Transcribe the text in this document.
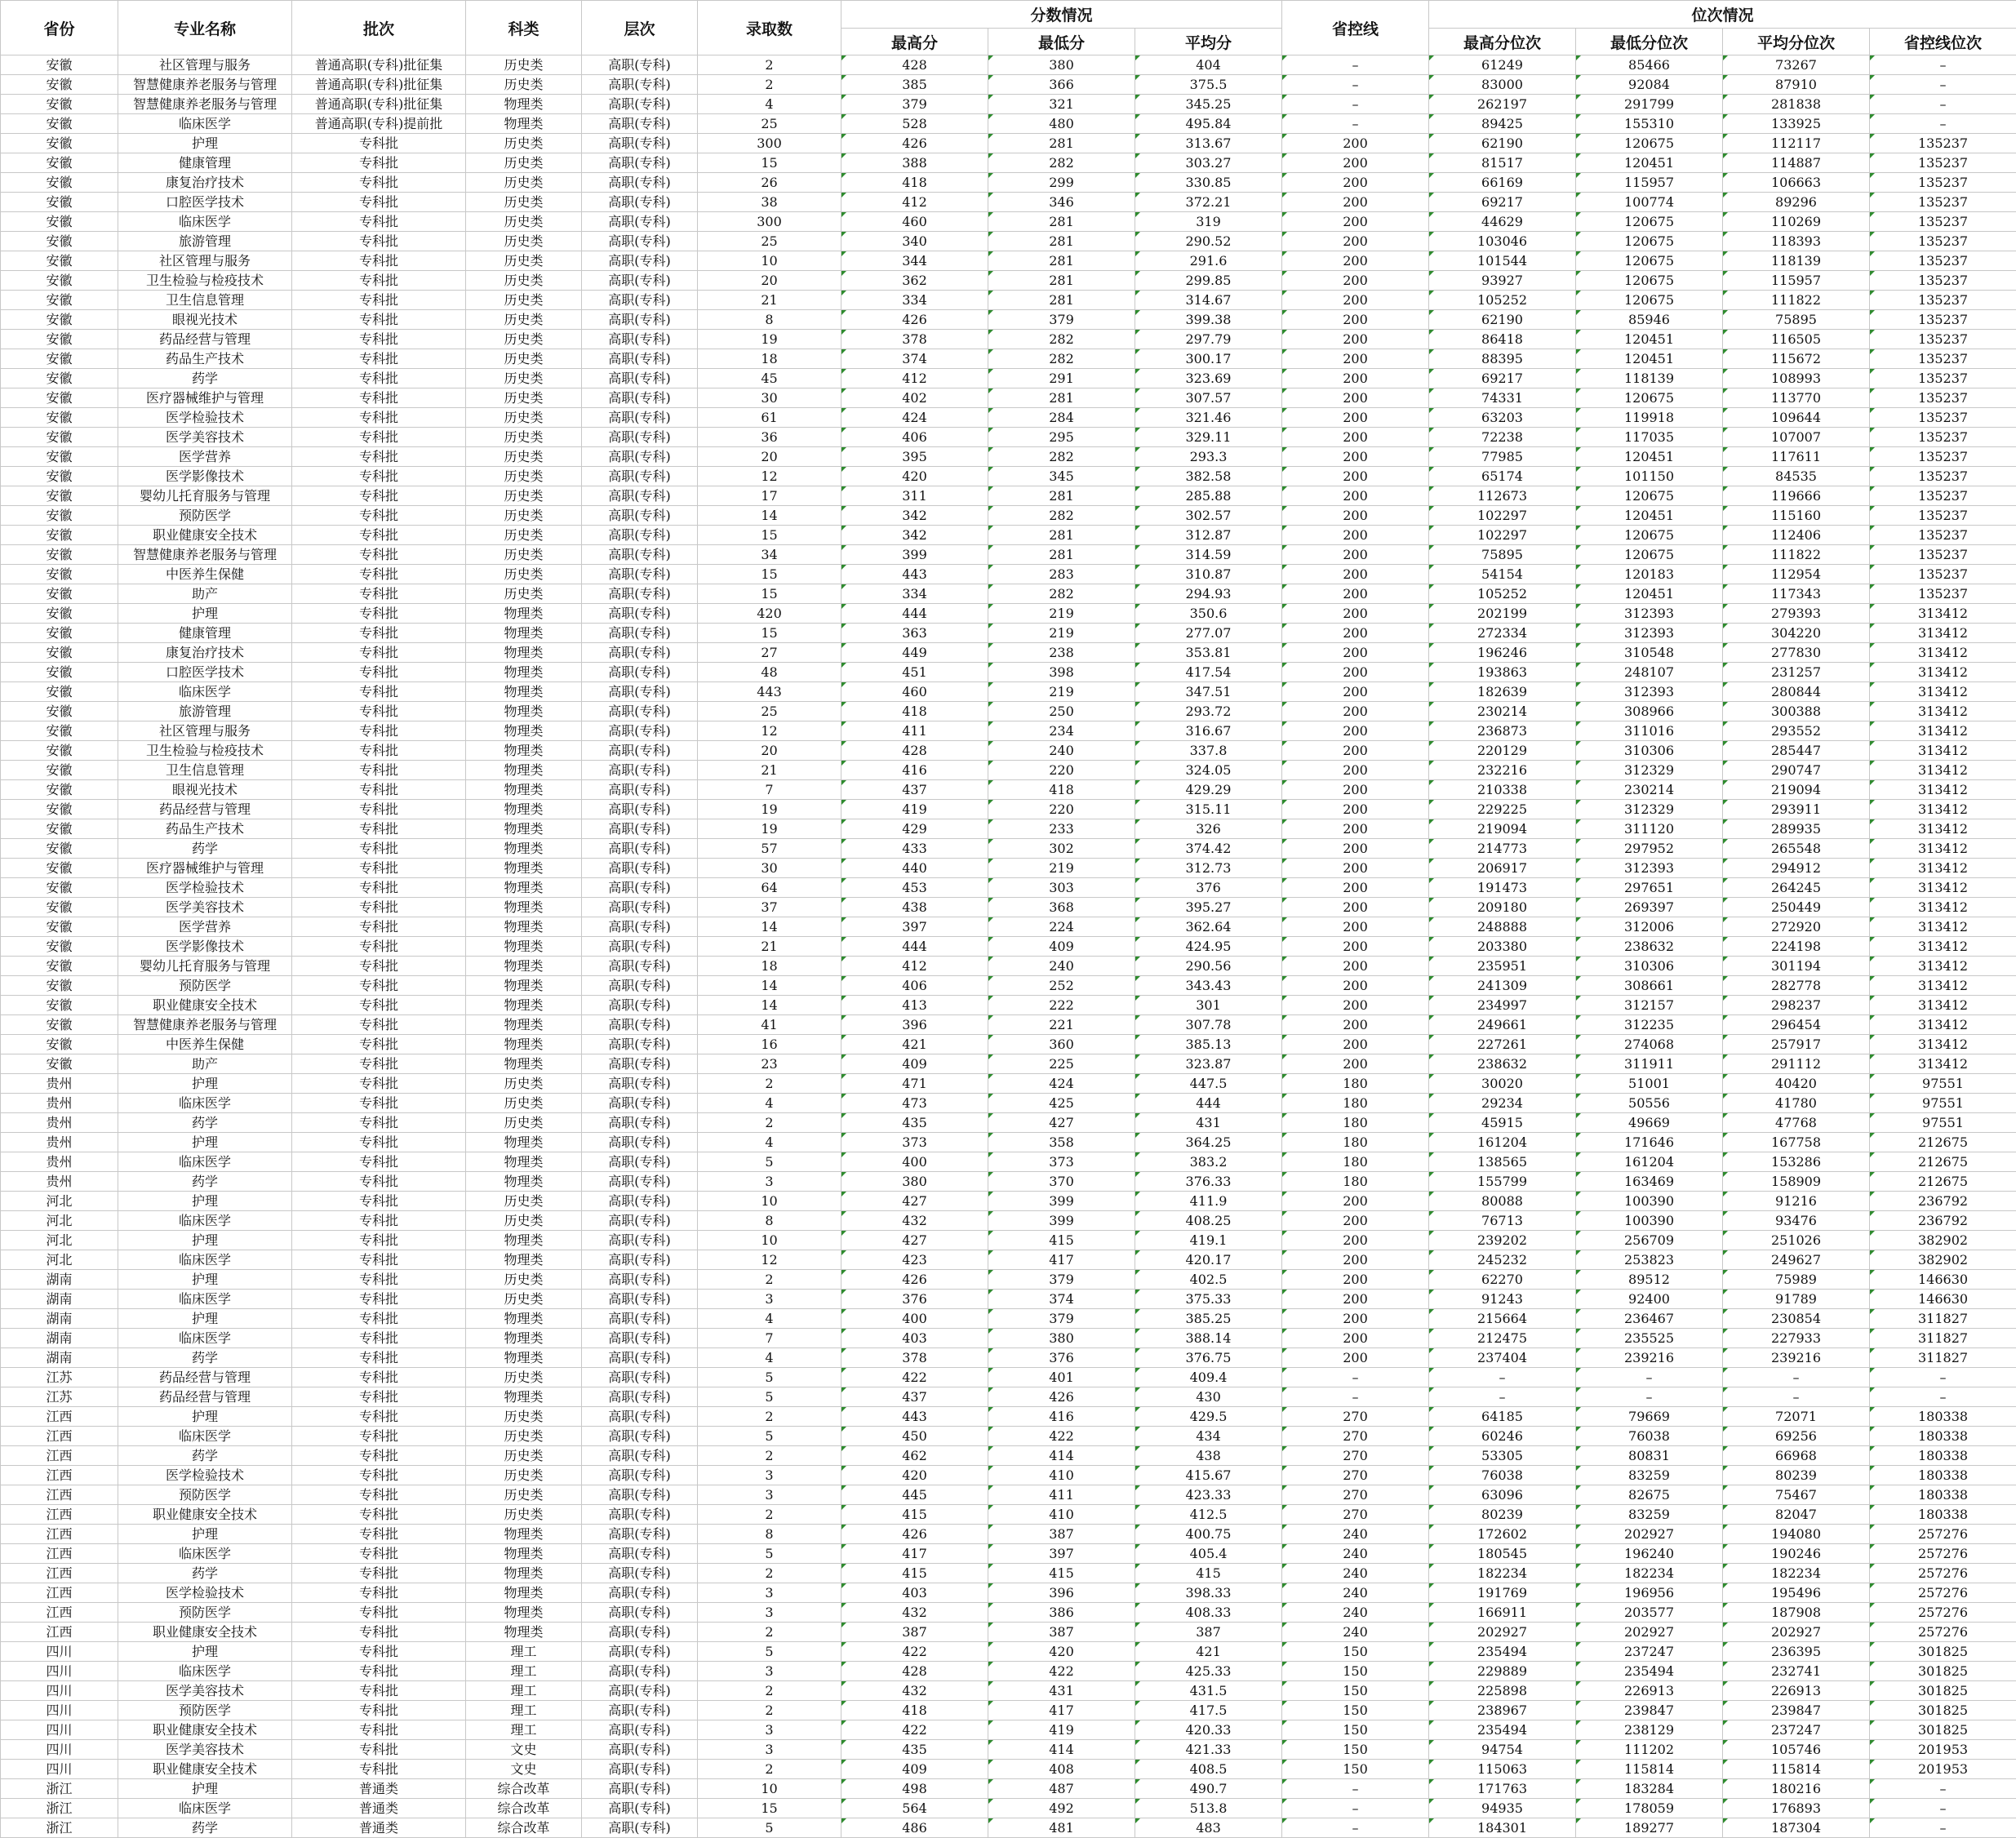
省份	专业名称	批次	科类	层次	录取数	分数情况			省控线	位次情况			
						最高分	最低分	平均分		最高分位次	最低分位次	平均分位次	省控线位次
安徽	社区管理与服务	普通高职(专科)批征集	历史类	高职(专科)	2	428	380	404	–	61249	85466	73267	–
安徽	智慧健康养老服务与管理	普通高职(专科)批征集	历史类	高职(专科)	2	385	366	375.5	–	83000	92084	87910	–
安徽	智慧健康养老服务与管理	普通高职(专科)批征集	物理类	高职(专科)	4	379	321	345.25	–	262197	291799	281838	–
安徽	临床医学	普通高职(专科)提前批	物理类	高职(专科)	25	528	480	495.84	–	89425	155310	133925	–
安徽	护理	专科批	历史类	高职(专科)	300	426	281	313.67	200	62190	120675	112117	135237
安徽	健康管理	专科批	历史类	高职(专科)	15	388	282	303.27	200	81517	120451	114887	135237
安徽	康复治疗技术	专科批	历史类	高职(专科)	26	418	299	330.85	200	66169	115957	106663	135237
安徽	口腔医学技术	专科批	历史类	高职(专科)	38	412	346	372.21	200	69217	100774	89296	135237
安徽	临床医学	专科批	历史类	高职(专科)	300	460	281	319	200	44629	120675	110269	135237
安徽	旅游管理	专科批	历史类	高职(专科)	25	340	281	290.52	200	103046	120675	118393	135237
安徽	社区管理与服务	专科批	历史类	高职(专科)	10	344	281	291.6	200	101544	120675	118139	135237
安徽	卫生检验与检疫技术	专科批	历史类	高职(专科)	20	362	281	299.85	200	93927	120675	115957	135237
安徽	卫生信息管理	专科批	历史类	高职(专科)	21	334	281	314.67	200	105252	120675	111822	135237
安徽	眼视光技术	专科批	历史类	高职(专科)	8	426	379	399.38	200	62190	85946	75895	135237
安徽	药品经营与管理	专科批	历史类	高职(专科)	19	378	282	297.79	200	86418	120451	116505	135237
安徽	药品生产技术	专科批	历史类	高职(专科)	18	374	282	300.17	200	88395	120451	115672	135237
安徽	药学	专科批	历史类	高职(专科)	45	412	291	323.69	200	69217	118139	108993	135237
安徽	医疗器械维护与管理	专科批	历史类	高职(专科)	30	402	281	307.57	200	74331	120675	113770	135237
安徽	医学检验技术	专科批	历史类	高职(专科)	61	424	284	321.46	200	63203	119918	109644	135237
安徽	医学美容技术	专科批	历史类	高职(专科)	36	406	295	329.11	200	72238	117035	107007	135237
安徽	医学营养	专科批	历史类	高职(专科)	20	395	282	293.3	200	77985	120451	117611	135237
安徽	医学影像技术	专科批	历史类	高职(专科)	12	420	345	382.58	200	65174	101150	84535	135237
安徽	婴幼儿托育服务与管理	专科批	历史类	高职(专科)	17	311	281	285.88	200	112673	120675	119666	135237
安徽	预防医学	专科批	历史类	高职(专科)	14	342	282	302.57	200	102297	120451	115160	135237
安徽	职业健康安全技术	专科批	历史类	高职(专科)	15	342	281	312.87	200	102297	120675	112406	135237
安徽	智慧健康养老服务与管理	专科批	历史类	高职(专科)	34	399	281	314.59	200	75895	120675	111822	135237
安徽	中医养生保健	专科批	历史类	高职(专科)	15	443	283	310.87	200	54154	120183	112954	135237
安徽	助产	专科批	历史类	高职(专科)	15	334	282	294.93	200	105252	120451	117343	135237
安徽	护理	专科批	物理类	高职(专科)	420	444	219	350.6	200	202199	312393	279393	313412
安徽	健康管理	专科批	物理类	高职(专科)	15	363	219	277.07	200	272334	312393	304220	313412
安徽	康复治疗技术	专科批	物理类	高职(专科)	27	449	238	353.81	200	196246	310548	277830	313412
安徽	口腔医学技术	专科批	物理类	高职(专科)	48	451	398	417.54	200	193863	248107	231257	313412
安徽	临床医学	专科批	物理类	高职(专科)	443	460	219	347.51	200	182639	312393	280844	313412
安徽	旅游管理	专科批	物理类	高职(专科)	25	418	250	293.72	200	230214	308966	300388	313412
安徽	社区管理与服务	专科批	物理类	高职(专科)	12	411	234	316.67	200	236873	311016	293552	313412
安徽	卫生检验与检疫技术	专科批	物理类	高职(专科)	20	428	240	337.8	200	220129	310306	285447	313412
安徽	卫生信息管理	专科批	物理类	高职(专科)	21	416	220	324.05	200	232216	312329	290747	313412
安徽	眼视光技术	专科批	物理类	高职(专科)	7	437	418	429.29	200	210338	230214	219094	313412
安徽	药品经营与管理	专科批	物理类	高职(专科)	19	419	220	315.11	200	229225	312329	293911	313412
安徽	药品生产技术	专科批	物理类	高职(专科)	19	429	233	326	200	219094	311120	289935	313412
安徽	药学	专科批	物理类	高职(专科)	57	433	302	374.42	200	214773	297952	265548	313412
安徽	医疗器械维护与管理	专科批	物理类	高职(专科)	30	440	219	312.73	200	206917	312393	294912	313412
安徽	医学检验技术	专科批	物理类	高职(专科)	64	453	303	376	200	191473	297651	264245	313412
安徽	医学美容技术	专科批	物理类	高职(专科)	37	438	368	395.27	200	209180	269397	250449	313412
安徽	医学营养	专科批	物理类	高职(专科)	14	397	224	362.64	200	248888	312006	272920	313412
安徽	医学影像技术	专科批	物理类	高职(专科)	21	444	409	424.95	200	203380	238632	224198	313412
安徽	婴幼儿托育服务与管理	专科批	物理类	高职(专科)	18	412	240	290.56	200	235951	310306	301194	313412
安徽	预防医学	专科批	物理类	高职(专科)	14	406	252	343.43	200	241309	308661	282778	313412
安徽	职业健康安全技术	专科批	物理类	高职(专科)	14	413	222	301	200	234997	312157	298237	313412
安徽	智慧健康养老服务与管理	专科批	物理类	高职(专科)	41	396	221	307.78	200	249661	312235	296454	313412
安徽	中医养生保健	专科批	物理类	高职(专科)	16	421	360	385.13	200	227261	274068	257917	313412
安徽	助产	专科批	物理类	高职(专科)	23	409	225	323.87	200	238632	311911	291112	313412
贵州	护理	专科批	历史类	高职(专科)	2	471	424	447.5	180	30020	51001	40420	97551
贵州	临床医学	专科批	历史类	高职(专科)	4	473	425	444	180	29234	50556	41780	97551
贵州	药学	专科批	历史类	高职(专科)	2	435	427	431	180	45915	49669	47768	97551
贵州	护理	专科批	物理类	高职(专科)	4	373	358	364.25	180	161204	171646	167758	212675
贵州	临床医学	专科批	物理类	高职(专科)	5	400	373	383.2	180	138565	161204	153286	212675
贵州	药学	专科批	物理类	高职(专科)	3	380	370	376.33	180	155799	163469	158909	212675
河北	护理	专科批	历史类	高职(专科)	10	427	399	411.9	200	80088	100390	91216	236792
河北	临床医学	专科批	历史类	高职(专科)	8	432	399	408.25	200	76713	100390	93476	236792
河北	护理	专科批	物理类	高职(专科)	10	427	415	419.1	200	239202	256709	251026	382902
河北	临床医学	专科批	物理类	高职(专科)	12	423	417	420.17	200	245232	253823	249627	382902
湖南	护理	专科批	历史类	高职(专科)	2	426	379	402.5	200	62270	89512	75989	146630
湖南	临床医学	专科批	历史类	高职(专科)	3	376	374	375.33	200	91243	92400	91789	146630
湖南	护理	专科批	物理类	高职(专科)	4	400	379	385.25	200	215664	236467	230854	311827
湖南	临床医学	专科批	物理类	高职(专科)	7	403	380	388.14	200	212475	235525	227933	311827
湖南	药学	专科批	物理类	高职(专科)	4	378	376	376.75	200	237404	239216	239216	311827
江苏	药品经营与管理	专科批	历史类	高职(专科)	5	422	401	409.4	–	–	–	–	–
江苏	药品经营与管理	专科批	物理类	高职(专科)	5	437	426	430	–	–	–	–	–
江西	护理	专科批	历史类	高职(专科)	2	443	416	429.5	270	64185	79669	72071	180338
江西	临床医学	专科批	历史类	高职(专科)	5	450	422	434	270	60246	76038	69256	180338
江西	药学	专科批	历史类	高职(专科)	2	462	414	438	270	53305	80831	66968	180338
江西	医学检验技术	专科批	历史类	高职(专科)	3	420	410	415.67	270	76038	83259	80239	180338
江西	预防医学	专科批	历史类	高职(专科)	3	445	411	423.33	270	63096	82675	75467	180338
江西	职业健康安全技术	专科批	历史类	高职(专科)	2	415	410	412.5	270	80239	83259	82047	180338
江西	护理	专科批	物理类	高职(专科)	8	426	387	400.75	240	172602	202927	194080	257276
江西	临床医学	专科批	物理类	高职(专科)	5	417	397	405.4	240	180545	196240	190246	257276
江西	药学	专科批	物理类	高职(专科)	2	415	415	415	240	182234	182234	182234	257276
江西	医学检验技术	专科批	物理类	高职(专科)	3	403	396	398.33	240	191769	196956	195496	257276
江西	预防医学	专科批	物理类	高职(专科)	3	432	386	408.33	240	166911	203577	187908	257276
江西	职业健康安全技术	专科批	物理类	高职(专科)	2	387	387	387	240	202927	202927	202927	257276
四川	护理	专科批	理工	高职(专科)	5	422	420	421	150	235494	237247	236395	301825
四川	临床医学	专科批	理工	高职(专科)	3	428	422	425.33	150	229889	235494	232741	301825
四川	医学美容技术	专科批	理工	高职(专科)	2	432	431	431.5	150	225898	226913	226913	301825
四川	预防医学	专科批	理工	高职(专科)	2	418	417	417.5	150	238967	239847	239847	301825
四川	职业健康安全技术	专科批	理工	高职(专科)	3	422	419	420.33	150	235494	238129	237247	301825
四川	医学美容技术	专科批	文史	高职(专科)	3	435	414	421.33	150	94754	111202	105746	201953
四川	职业健康安全技术	专科批	文史	高职(专科)	2	409	408	408.5	150	115063	115814	115814	201953
浙江	护理	普通类	综合改革	高职(专科)	10	498	487	490.7	–	171763	183284	180216	–
浙江	临床医学	普通类	综合改革	高职(专科)	15	564	492	513.8	–	94935	178059	176893	–
浙江	药学	普通类	综合改革	高职(专科)	5	486	481	483	–	184301	189277	187304	–
